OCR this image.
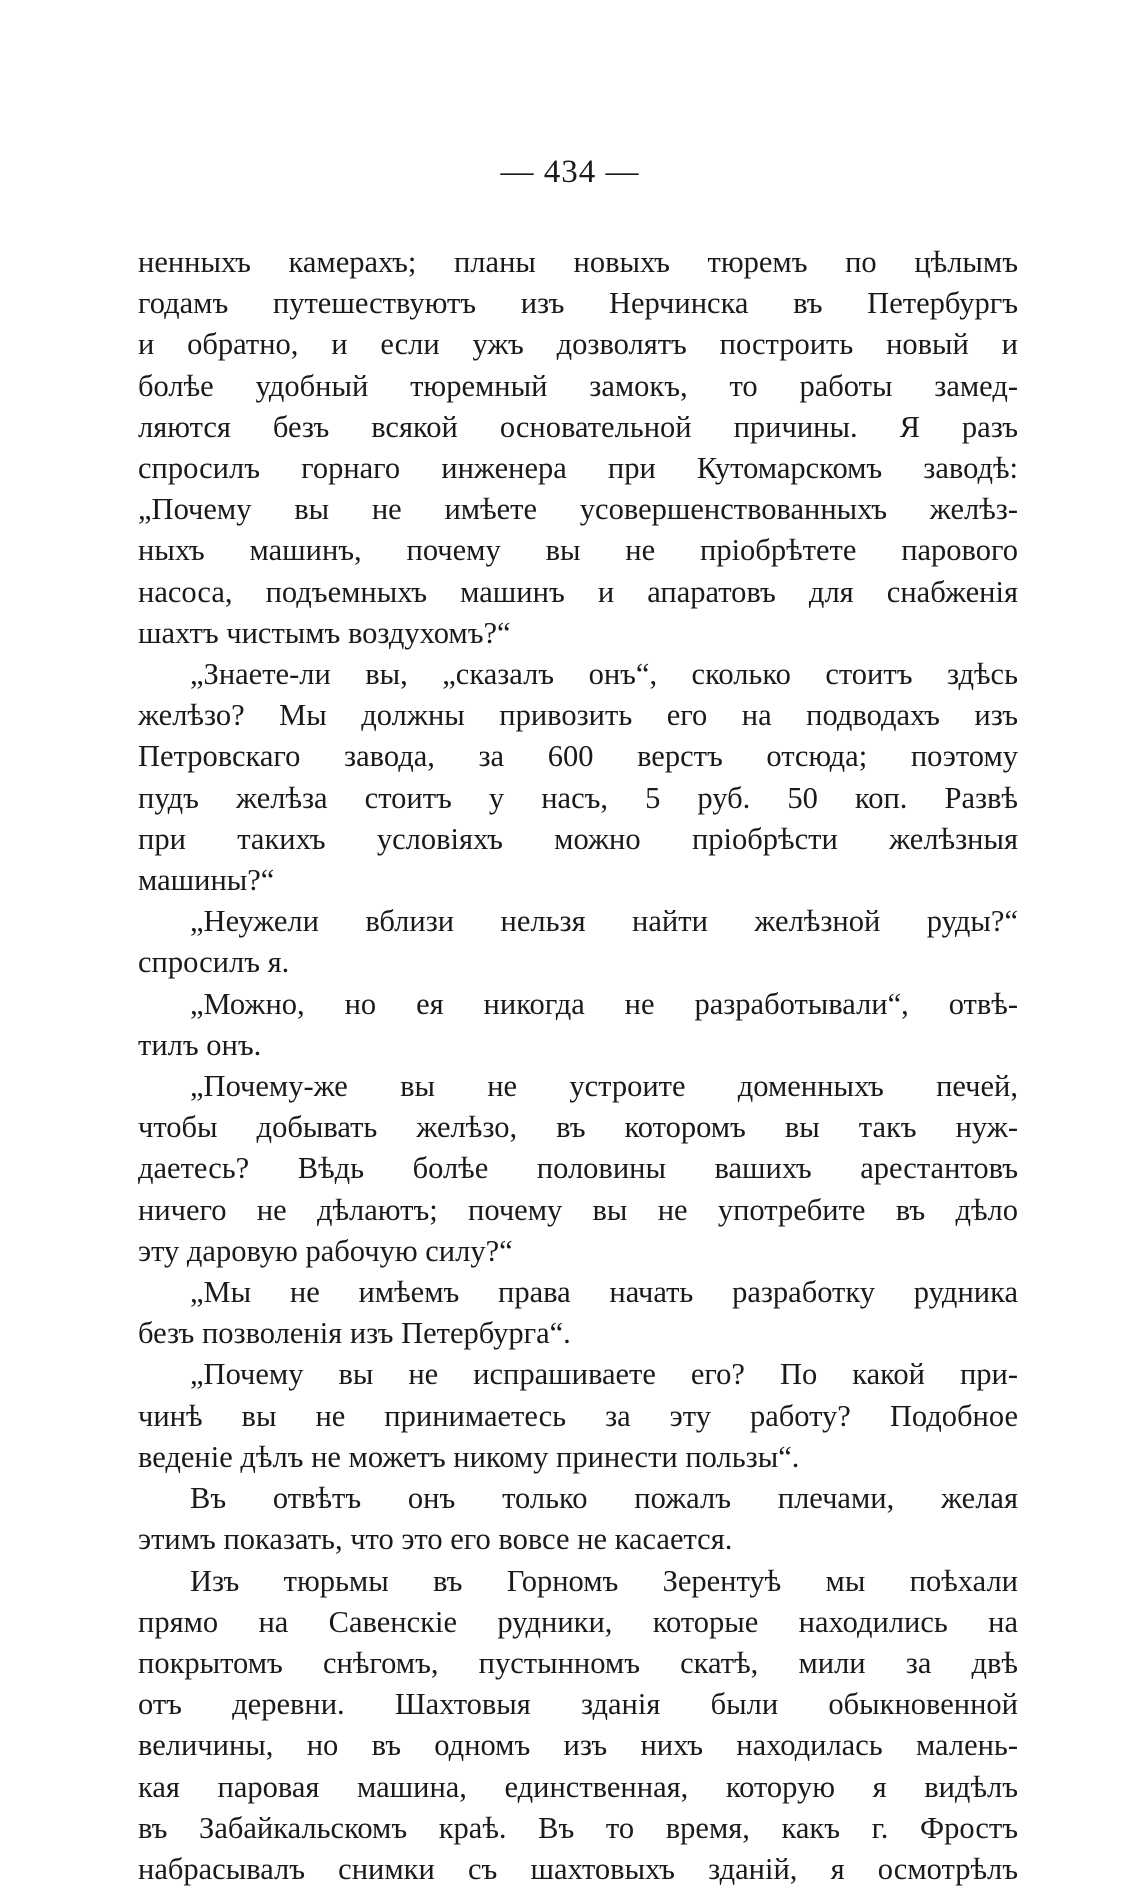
— 434 —

ненныхъ камерахъ; планы новыхъ тюремъ по цѣлымъ
годамъ путешествуютъ изъ Нерчинска въ Петербургъ
и обратно, и если ужъ дозволятъ построить новый и
болѣе удобный тюремный замокъ, то работы замед-
ляются безъ всякой основательной причины. Я разъ
спросилъ горнаго инженера при Кутомарскомъ заводѣ:
„Почему вы не имѣете усовершенствованныхъ желѣз-
ныхъ машинъ, почему вы не пріобрѣтете парового
насоса, подъемныхъ машинъ и апаратовъ для снабженія
шахтъ чистымъ воздухомъ?“

„Знаете-ли вы, „сказалъ онъ“, сколько стоитъ здѣсь
желѣзо? Мы должны привозить его на подводахъ изъ
Петровскаго завода, за 600 верстъ отсюда; поэтому
пудъ желѣза стоитъ у насъ, 5 руб. 50 коп. Развѣ
при такихъ условіяхъ можно пріобрѣсти желѣзныя
машины?“

„Неужели вблизи нельзя найти желѣзной руды?“
спросилъ я.

„Можно, но ея никогда не разработывали“, отвѣ-
тилъ онъ.

„Почему-же вы не устроите доменныхъ печей,
чтобы добывать желѣзо, въ которомъ вы такъ нуж-
даетесь? Вѣдь болѣе половины вашихъ арестантовъ
ничего не дѣлаютъ; почему вы не употребите въ дѣло
эту даровую рабочую силу?“

„Мы не имѣемъ права начать разработку рудника
безъ позволенія изъ Петербурга“.

„Почему вы не испрашиваете его? По какой при-
чинѣ вы не принимаетесь за эту работу? Подобное
веденіе дѣлъ не можетъ никому принести пользы“.

Въ отвѣтъ онъ только пожалъ плечами, желая
этимъ показать, что это его вовсе не касается.

Изъ тюрьмы въ Горномъ Зерентуѣ мы поѣхали
прямо на Савенскіе рудники, которые находились на
покрытомъ снѣгомъ, пустынномъ скатѣ, мили за двѣ
отъ деревни. Шахтовыя зданія были обыкновенной
величины, но въ одномъ изъ нихъ находилась малень-
кая паровая машина, единственная, которую я видѣлъ
въ Забайкальскомъ краѣ. Въ то время, какъ г. Фростъ
набрасывалъ снимки съ шахтовыхъ зданій, я осмотрѣлъ
